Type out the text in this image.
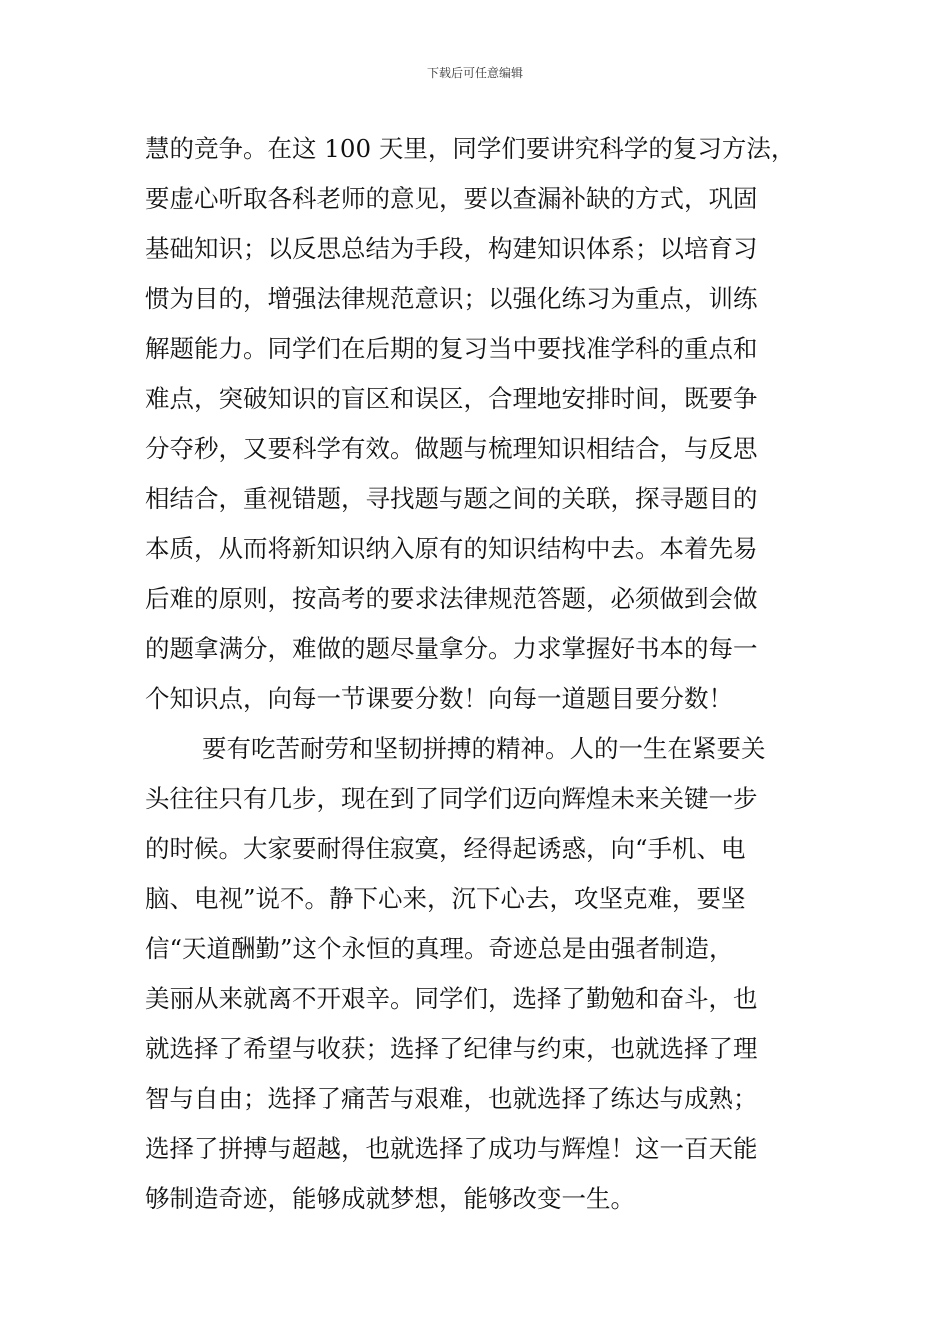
下载后可任意编辑
慧的竞争。在这 100 天里，同学们要讲究科学的复习方法，
要虚心听取各科老师的意见，要以查漏补缺的方式，巩固
基础知识；以反思总结为手段，构建知识体系；以培育习
惯为目的，增强法律规范意识；以强化练习为重点，训练
解题能力。同学们在后期的复习当中要找准学科的重点和
难点，突破知识的盲区和误区，合理地安排时间，既要争
分夺秒，又要科学有效。做题与梳理知识相结合，与反思
相结合，重视错题，寻找题与题之间的关联，探寻题目的
本质，从而将新知识纳入原有的知识结构中去。本着先易
后难的原则，按高考的要求法律规范答题，必须做到会做
的题拿满分，难做的题尽量拿分。力求掌握好书本的每一
个知识点，向每一节课要分数！向每一道题目要分数！
要有吃苦耐劳和坚韧拼搏的精神。人的一生在紧要关
头往往只有几步，现在到了同学们迈向辉煌未来关键一步
的时候。大家要耐得住寂寞，经得起诱惑，向“手机、电
脑、电视”说不。静下心来，沉下心去，攻坚克难，要坚
信“天道酬勤”这个永恒的真理。奇迹总是由强者制造，
美丽从来就离不开艰辛。同学们，选择了勤勉和奋斗，也
就选择了希望与收获；选择了纪律与约束，也就选择了理
智与自由；选择了痛苦与艰难，也就选择了练达与成熟；
选择了拼搏与超越，也就选择了成功与辉煌！这一百天能
够制造奇迹，能够成就梦想，能够改变一生。
